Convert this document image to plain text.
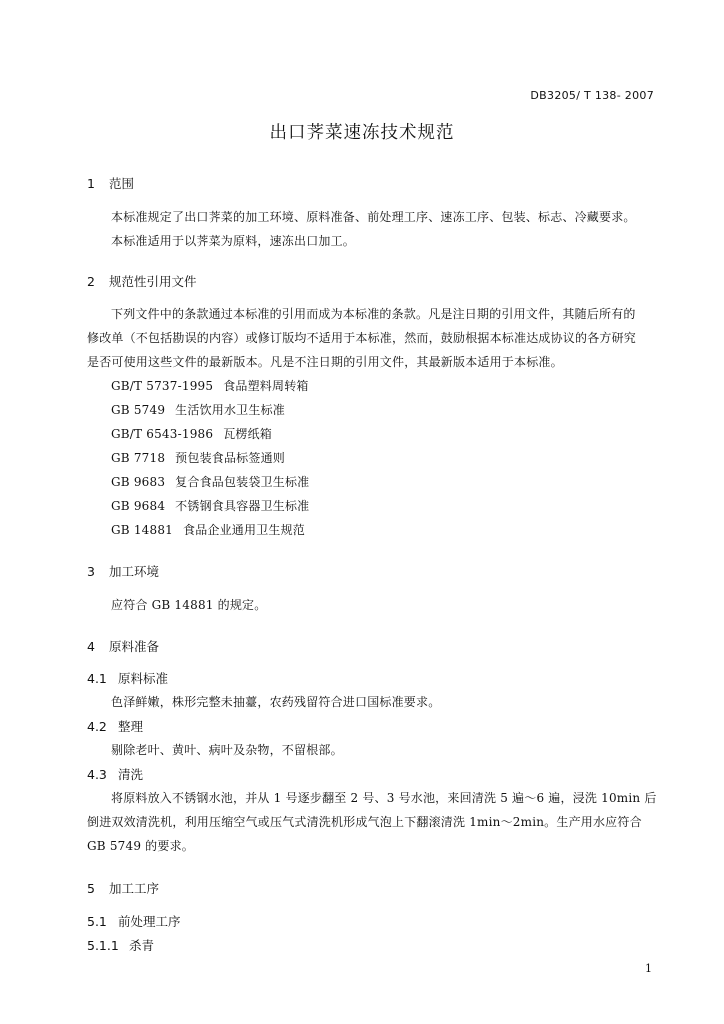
DB3205/ T 138- 2007
出口荠菜速冻技术规范
1 范围
本标准规定了出口荠菜的加工环境、原料准备、前处理工序、速冻工序、包装、标志、冷藏要求。
本标准适用于以荠菜为原料，速冻出口加工。
2 规范性引用文件
下列文件中的条款通过本标准的引用而成为本标准的条款。凡是注日期的引用文件，其随后所有的
修改单（不包括勘误的内容）或修订版均不适用于本标准，然而，鼓励根据本标准达成协议的各方研究
是否可使用这些文件的最新版本。凡是不注日期的引用文件，其最新版本适用于本标准。
GB/T 5737-1995 食品塑料周转箱
GB 5749 生活饮用水卫生标准
GB/T 6543-1986 瓦楞纸箱
GB 7718 预包装食品标签通则
GB 9683 复合食品包装袋卫生标准
GB 9684 不锈钢食具容器卫生标准
GB 14881 食品企业通用卫生规范
3 加工环境
应符合 GB 14881 的规定。
4 原料准备
4.1 原料标准
色泽鲜嫩，株形完整未抽薹，农药残留符合进口国标准要求。
4.2 整理
剔除老叶、黄叶、病叶及杂物，不留根部。
4.3 清洗
将原料放入不锈钢水池，并从 1 号逐步翻至 2 号、3 号水池，来回清洗 5 遍～6 遍，浸洗 10min 后
倒进双效清洗机，利用压缩空气或压气式清洗机形成气泡上下翻滚清洗 1min～2min。生产用水应符合
GB 5749 的要求。
5 加工工序
5.1 前处理工序
5.1.1 杀青
1
